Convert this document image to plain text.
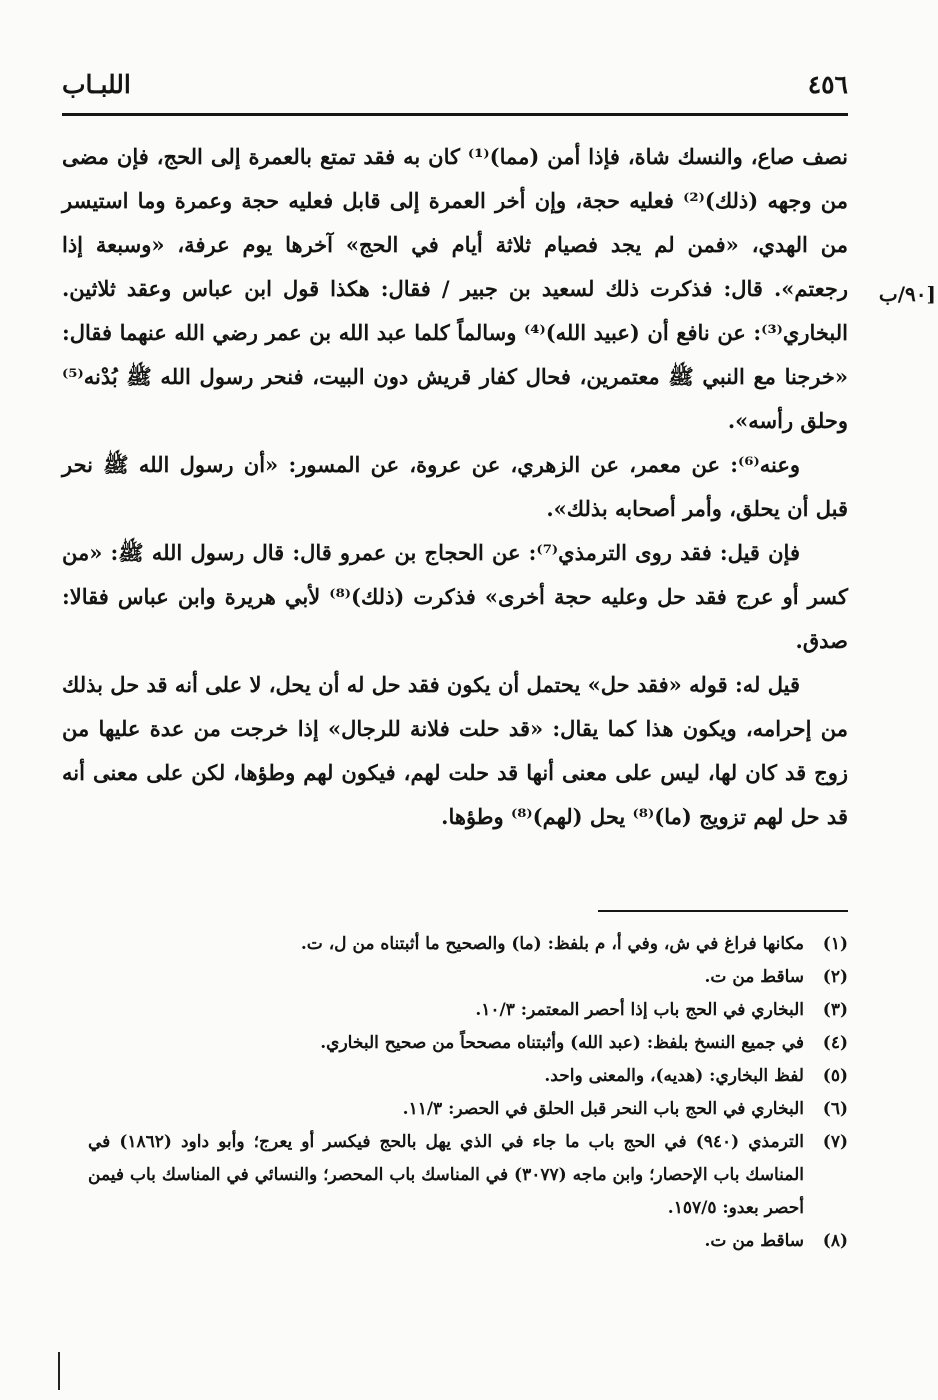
٤٥٦
اللبـاب
٩٠/ب]

نصف صاع، والنسك شاة، فإذا أمن (مما)⁽¹⁾ كان به فقد تمتع بالعمرة إلى الحج، فإن مضى من وجهه (ذلك)⁽²⁾ فعليه حجة، وإن أخر العمرة إلى قابل فعليه حجة وعمرة وما استيسر من الهدي، «فمن لم يجد فصيام ثلاثة أيام في الحج» آخرها يوم عرفة، «وسبعة إذا رجعتم». قال: فذكرت ذلك لسعيد بن جبير / فقال: هكذا قول ابن عباس وعقد ثلاثين. البخاري⁽³⁾: عن نافع أن (عبيد الله)⁽⁴⁾ وسالماً كلما عبد الله بن عمر رضي الله عنهما فقال: «خرجنا مع النبي ﷺ معتمرين، فحال كفار قريش دون البيت، فنحر رسول الله ﷺ بُدْنه⁽⁵⁾ وحلق رأسه».

وعنه⁽⁶⁾: عن معمر، عن الزهري، عن عروة، عن المسور: «أن رسول الله ﷺ نحر قبل أن يحلق، وأمر أصحابه بذلك».

فإن قيل: فقد روى الترمذي⁽⁷⁾: عن الحجاج بن عمرو قال: قال رسول الله ﷺ: «من كسر أو عرج فقد حل وعليه حجة أخرى» فذكرت (ذلك)⁽⁸⁾ لأبي هريرة وابن عباس فقالا: صدق.

قيل له: قوله «فقد حل» يحتمل أن يكون فقد حل له أن يحل، لا على أنه قد حل بذلك من إحرامه، ويكون هذا كما يقال: «قد حلت فلانة للرجال» إذا خرجت من عدة عليها من زوج قد كان لها، ليس على معنى أنها قد حلت لهم، فيكون لهم وطؤها، لكن على معنى أنه قد حل لهم تزويج (ما)⁽⁸⁾ يحل (لهم)⁽⁸⁾ وطؤها.

(١)
مكانها فراغ في ش، وفي أ، م بلفظ: (ما) والصحيح ما أثبتناه من ل، ت.
(٢)
ساقط من ت.
(٣)
البخاري في الحج باب إذا أحصر المعتمر: ١٠/٣.
(٤)
في جميع النسخ بلفظ: (عبد الله) وأثبتناه مصححاً من صحيح البخاري.
(٥)
لفظ البخاري: (هديه)، والمعنى واحد.
(٦)
البخاري في الحج باب النحر قبل الحلق في الحصر: ١١/٣.
(٧)
الترمذي (٩٤٠) في الحج باب ما جاء في الذي يهل بالحج فيكسر أو يعرج؛ وأبو داود (١٨٦٢) في المناسك باب الإحصار؛ وابن ماجه (٣٠٧٧) في المناسك باب المحصر؛ والنسائي في المناسك باب فيمن أحصر بعدو: ١٥٧/٥.
(٨)
ساقط من ت.
